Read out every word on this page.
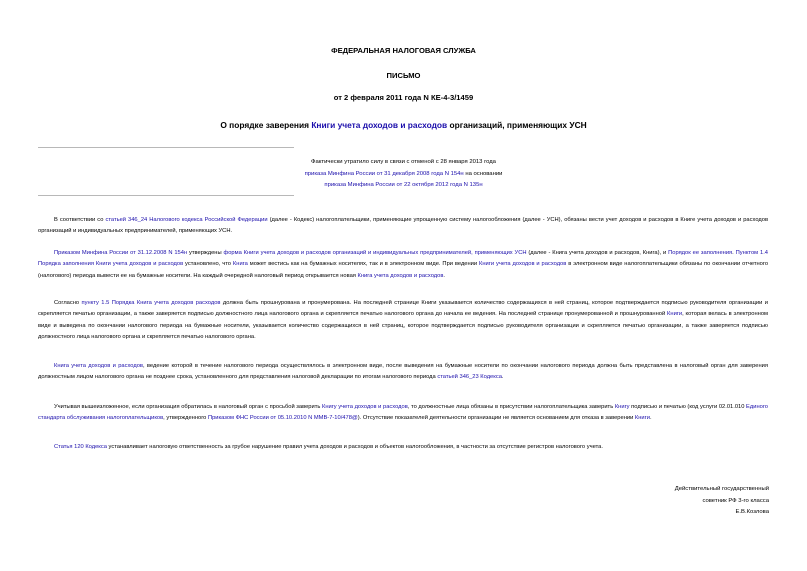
ФЕДЕРАЛЬНАЯ НАЛОГОВАЯ СЛУЖБА
ПИСЬМО
от 2 февраля 2011 года N КЕ-4-3/1459
О порядке заверения Книги учета доходов и расходов организаций, применяющих УСН
Фактически утратило силу в связи с отменой с 28 января 2013 года
приказа Минфина России от 31 декабря 2008 года N 154н на основании
приказа Минфина России от 22 октября 2012 года N 135н
В соответствии со статьей 346_24 Налогового кодекса Российской Федерации (далее - Кодекс) налогоплательщики, применяющие упрощенную систему налогообложения (далее - УСН), обязаны вести учет доходов и расходов в Книге учета доходов и расходов организаций и индивидуальных предпринимателей, применяющих УСН.
Приказом Минфина России от 31.12.2008 N 154н утверждены форма Книги учета доходов и расходов организаций и индивидуальных предпринимателей, применяющих УСН (далее - Книга учета доходов и расходов, Книга), и Порядок ее заполнения. Пунктом 1.4 Порядка заполнения Книги учета доходов и расходов установлено, что Книга может вестись как на бумажных носителях, так и в электронном виде. При ведении Книги учета доходов и расходов в электронном виде налогоплательщики обязаны по окончании отчетного (налогового) периода вывести ее на бумажные носители. На каждый очередной налоговый период открывается новая Книга учета доходов и расходов.
Согласно пункту 1.5 Порядка Книга учета доходов расходов должна быть прошнурована и пронумерована. На последней странице Книги указывается количество содержащихся в ней страниц, которое подтверждается подписью руководителя организации и скрепляется печатью организации, а также заверяется подписью должностного лица налогового органа и скрепляется печатью налогового органа до начала ее ведения. На последней странице пронумерованной и прошнурованной Книги, которая велась в электронном виде и выведена по окончании налогового периода на бумажные носители, указывается количество содержащихся в ней страниц, которое подтверждается подписью руководителя организации и скрепляется печатью организации, а также заверяется подписью должностного лица налогового органа и скрепляется печатью налогового органа.
Книга учета доходов и расходов, ведение которой в течение налогового периода осуществлялось в электронном виде, после выведения на бумажные носители по окончании налогового периода должна быть представлена в налоговый орган для заверения должностным лицом налогового органа не позднее срока, установленного для представления налоговой декларации по итогам налогового периода статьей 346_23 Кодекса.
Учитывая вышеизложенное, если организация обратилась в налоговый орган с просьбой заверить Книгу учета доходов и расходов, то должностные лица обязаны в присутствии налогоплательщика заверить Книгу подписью и печатью (код услуги 02.01.010 Единого стандарта обслуживания налогоплательщиков, утвержденного Приказом ФНС России от 05.10.2010 N ММВ-7-10/478@). Отсутствие показателей деятельности организации не является основанием для отказа в заверении Книги.
Статья 120 Кодекса устанавливает налоговую ответственность за грубое нарушение правил учета доходов и расходов и объектов налогообложения, в частности за отсутствие регистров налогового учета.
Действительный государственный
советник РФ 3-го класса
Е.В.Козлова
